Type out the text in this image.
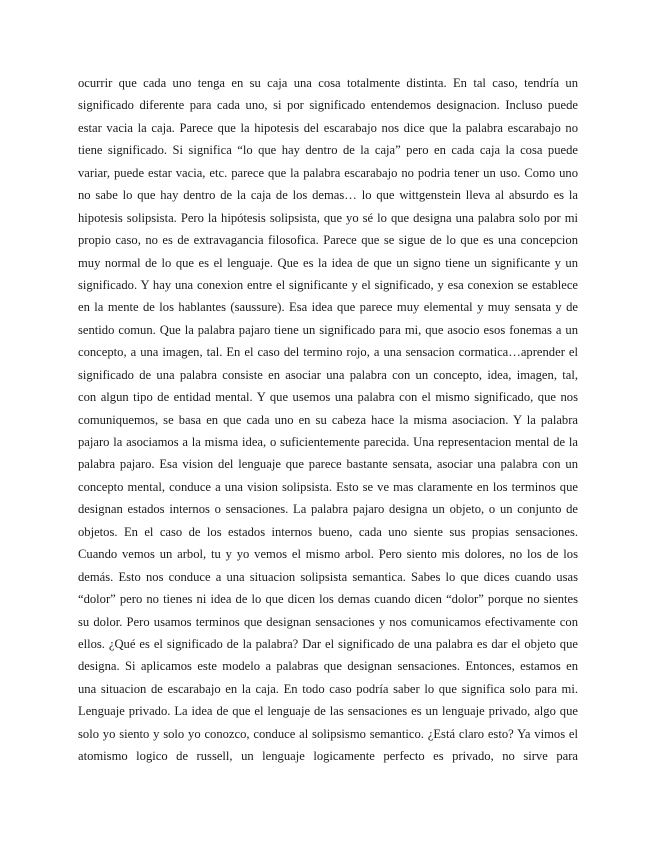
ocurrir que cada uno tenga en su caja una cosa totalmente distinta. En tal caso, tendría un
significado diferente para cada uno, si por significado entendemos designacion. Incluso puede
estar vacia la caja. Parece que la hipotesis del escarabajo nos dice que la palabra escarabajo no
tiene significado. Si significa “lo que hay dentro de la caja” pero en cada caja la cosa puede
variar, puede estar vacia, etc. parece que la palabra escarabajo no podria tener un uso. Como uno
no sabe lo que hay dentro de la caja de los demas… lo que wittgenstein lleva al absurdo es la
hipotesis solipsista. Pero la hipótesis solipsista, que yo sé lo que designa una palabra solo por mi
propio caso, no es de extravagancia filosofica. Parece que se sigue de lo que es una concepcion
muy normal de lo que es el lenguaje. Que es la idea de que un signo tiene un significante y un
significado. Y hay una conexion entre el significante y el significado, y esa conexion se establece
en la mente de los hablantes (saussure). Esa idea que parece muy elemental y muy sensata y de
sentido comun. Que la palabra pajaro tiene un significado para mi, que asocio esos fonemas a un
concepto, a una imagen, tal. En el caso del termino rojo, a una sensacion cormatica…aprender el
significado de una palabra consiste en asociar una palabra con un concepto, idea, imagen, tal,
con algun tipo de entidad mental. Y que usemos una palabra con el mismo significado, que nos
comuniquemos, se basa en que cada uno en su cabeza hace la misma asociacion. Y la palabra
pajaro la asociamos a la misma idea, o suficientemente parecida. Una representacion mental de la
palabra pajaro. Esa vision del lenguaje que parece bastante sensata, asociar una palabra con un
concepto mental, conduce a una vision solipsista. Esto se ve mas claramente en los terminos que
designan estados internos o sensaciones. La palabra pajaro designa un objeto, o un conjunto de
objetos. En el caso de los estados internos bueno, cada uno siente sus propias sensaciones.
Cuando vemos un arbol, tu y yo vemos el mismo arbol. Pero siento mis dolores, no los de los
demás. Esto nos conduce a una situacion solipsista semantica. Sabes lo que dices cuando usas
“dolor” pero no tienes ni idea de lo que dicen los demas cuando dicen “dolor” porque no sientes
su dolor. Pero usamos terminos que designan sensaciones y nos comunicamos efectivamente con
ellos. ¿Qué es el significado de la palabra? Dar el significado de una palabra es dar el objeto que
designa. Si aplicamos este modelo a palabras que designan sensaciones. Entonces, estamos en
una situacion de escarabajo en la caja. En todo caso podría saber lo que significa solo para mi.
Lenguaje privado. La idea de que el lenguaje de las sensaciones es un lenguaje privado, algo que
solo yo siento y solo yo conozco, conduce al solipsismo semantico. ¿Está claro esto? Ya vimos el
atomismo logico de russell, un lenguaje logicamente perfecto es privado, no sirve para
